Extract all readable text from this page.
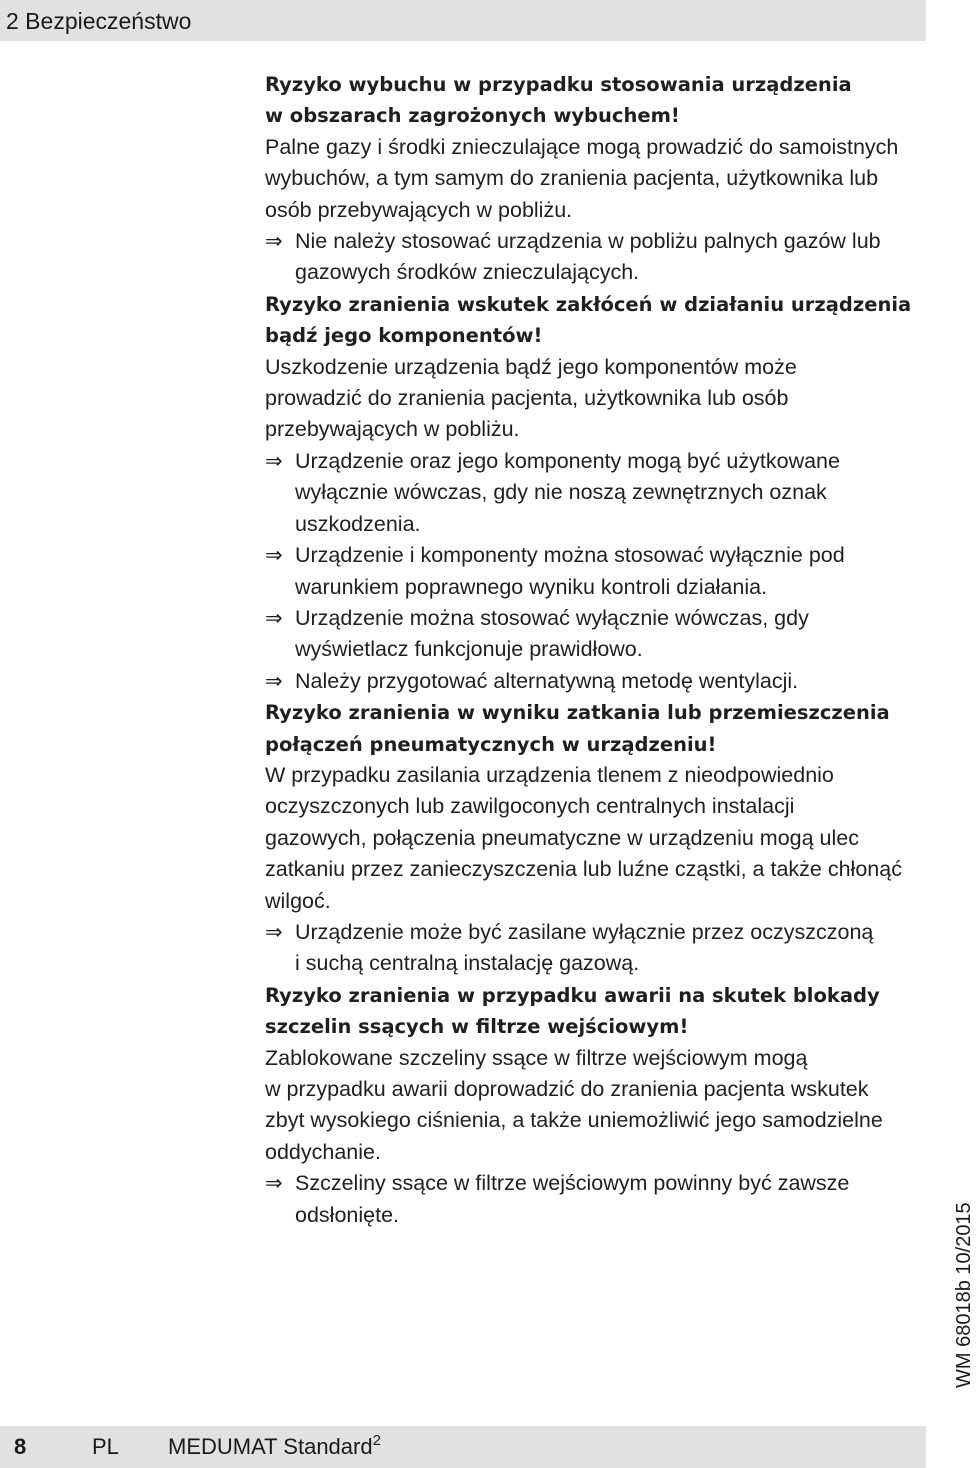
2 Bezpieczeństwo
Ryzyko wybuchu w przypadku stosowania urządzenia
w obszarach zagrożonych wybuchem!
Palne gazy i środki znieczulające mogą prowadzić do samoistnych
wybuchów, a tym samym do zranienia pacjenta, użytkownika lub
osób przebywających w pobliżu.
⇒ Nie należy stosować urządzenia w pobliżu palnych gazów lub
gazowych środków znieczulających.
Ryzyko zranienia wskutek zakłóceń w działaniu urządzenia
bądź jego komponentów!
Uszkodzenie urządzenia bądź jego komponentów może
prowadzić do zranienia pacjenta, użytkownika lub osób
przebywających w pobliżu.
⇒ Urządzenie oraz jego komponenty mogą być użytkowane
wyłącznie wówczas, gdy nie noszą zewnętrznych oznak
uszkodzenia.
⇒ Urządzenie i komponenty można stosować wyłącznie pod
warunkiem poprawnego wyniku kontroli działania.
⇒ Urządzenie można stosować wyłącznie wówczas, gdy
wyświetlacz funkcjonuje prawidłowo.
⇒ Należy przygotować alternatywną metodę wentylacji.
Ryzyko zranienia w wyniku zatkania lub przemieszczenia
połączeń pneumatycznych w urządzeniu!
W przypadku zasilania urządzenia tlenem z nieodpowiednio
oczyszczonych lub zawilgoconych centralnych instalacji
gazowych, połączenia pneumatyczne w urządzeniu mogą ulec
zatkaniu przez zanieczyszczenia lub luźne cząstki, a także chłonąć
wilgoć.
⇒ Urządzenie może być zasilane wyłącznie przez oczyszczoną
i suchą centralną instalację gazową.
Ryzyko zranienia w przypadku awarii na skutek blokady
szczelin ssących w filtrze wejściowym!
Zablokowane szczeliny ssące w filtrze wejściowym mogą
w przypadku awarii doprowadzić do zranienia pacjenta wskutek
zbyt wysokiego ciśnienia, a także uniemożliwić jego samodzielne
oddychanie.
⇒ Szczeliny ssące w filtrze wejściowym powinny być zawsze
odsłonięte.	WM 68018b 10/2015
8	PL MEDUMAT Standard$^2$
